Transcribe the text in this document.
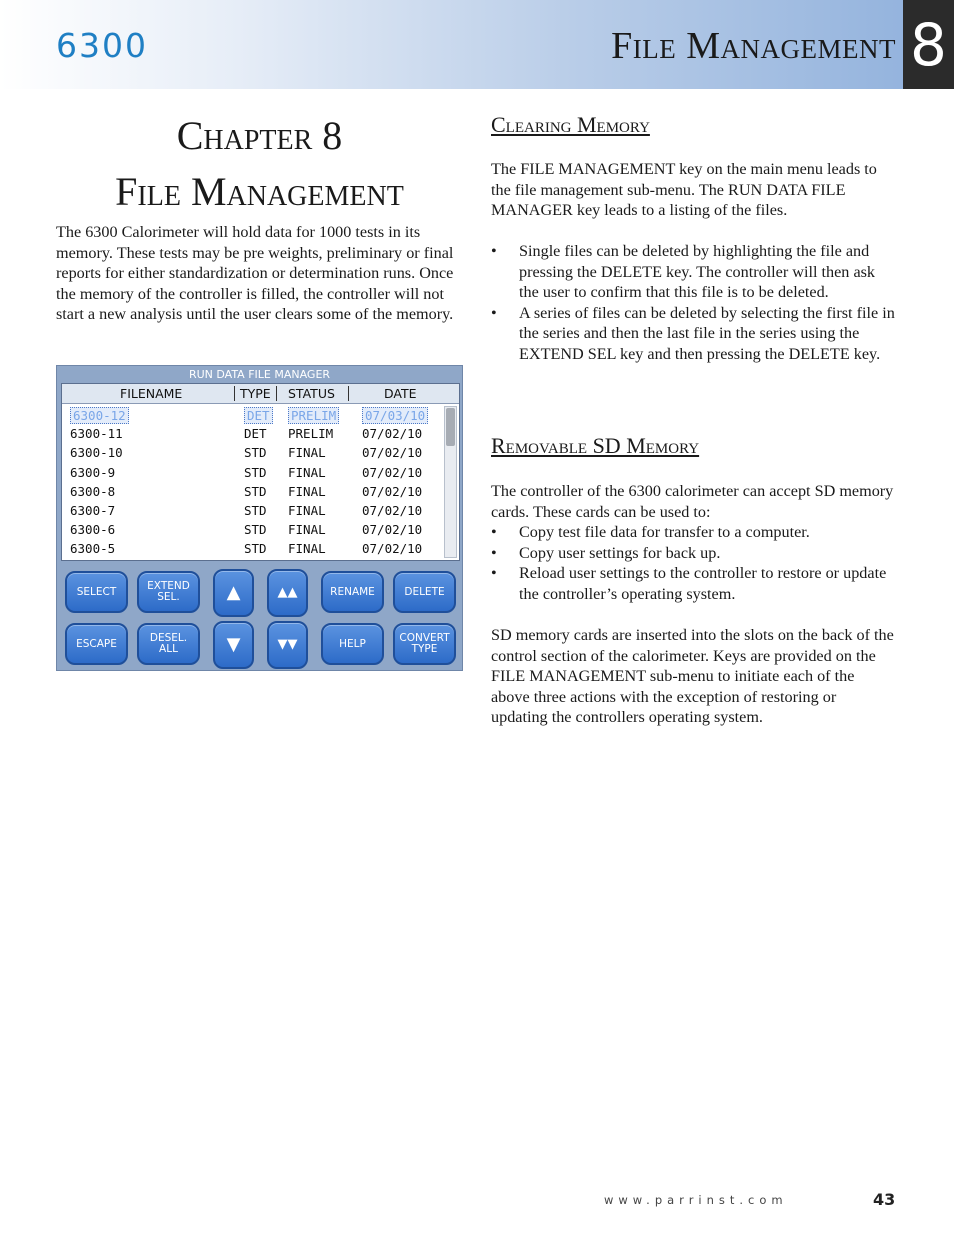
6300	File Management 8
Chapter 8
File Management

The 6300 Calorimeter will hold data for 1000 tests in its memory. These tests may be pre weights, preliminary or final reports for either standardization or determination runs. Once the memory of the controller is filled, the controller will not start a new analysis until the user clears some of the memory.

RUN DATA FILE MANAGER
FILENAME	TYPE STATUS	DATE
6300-12	DET PRELIM 07/03/10
6300-11	DET PRELIM 07/02/10
6300-10	STD FINAL	07/02/10
6300-9	STD FINAL	07/02/10
6300-8	STD FINAL	07/02/10
6300-7	STD FINAL	07/02/10
6300-6	STD FINAL	07/02/10
6300-5	STD FINAL	07/02/10
SELECT	EXTEND SEL.	▲	▲▲	RENAME	DELETE
ESCAPE	DESEL. ALL	▼	▼▼	HELP	CONVERT TYPE
Clearing Memory

The FILE MANAGEMENT key on the main menu leads to the file management sub-menu. The RUN DATA FILE MANAGER key leads to a listing of the files.

• Single files can be deleted by highlighting the file and pressing the DELETE key. The controller will then ask the user to confirm that this file is to be deleted.
• A series of files can be deleted by selecting the first file in the series and then the last file in the series using the EXTEND SEL key and then pressing the DELETE key.
Removable SD Memory

The controller of the 6300 calorimeter can accept SD memory cards. These cards can be used to:

• Copy test file data for transfer to a computer.
• Copy user settings for back up.
• Reload user settings to the controller to restore or update the controller’s operating system.

SD memory cards are inserted into the slots on the back of the control section of the calorimeter. Keys are provided on the FILE MANAGEMENT sub-menu to initiate each of the above three actions with the exception of restoring or updating the controllers operating system.

www.parrinst.com	43
